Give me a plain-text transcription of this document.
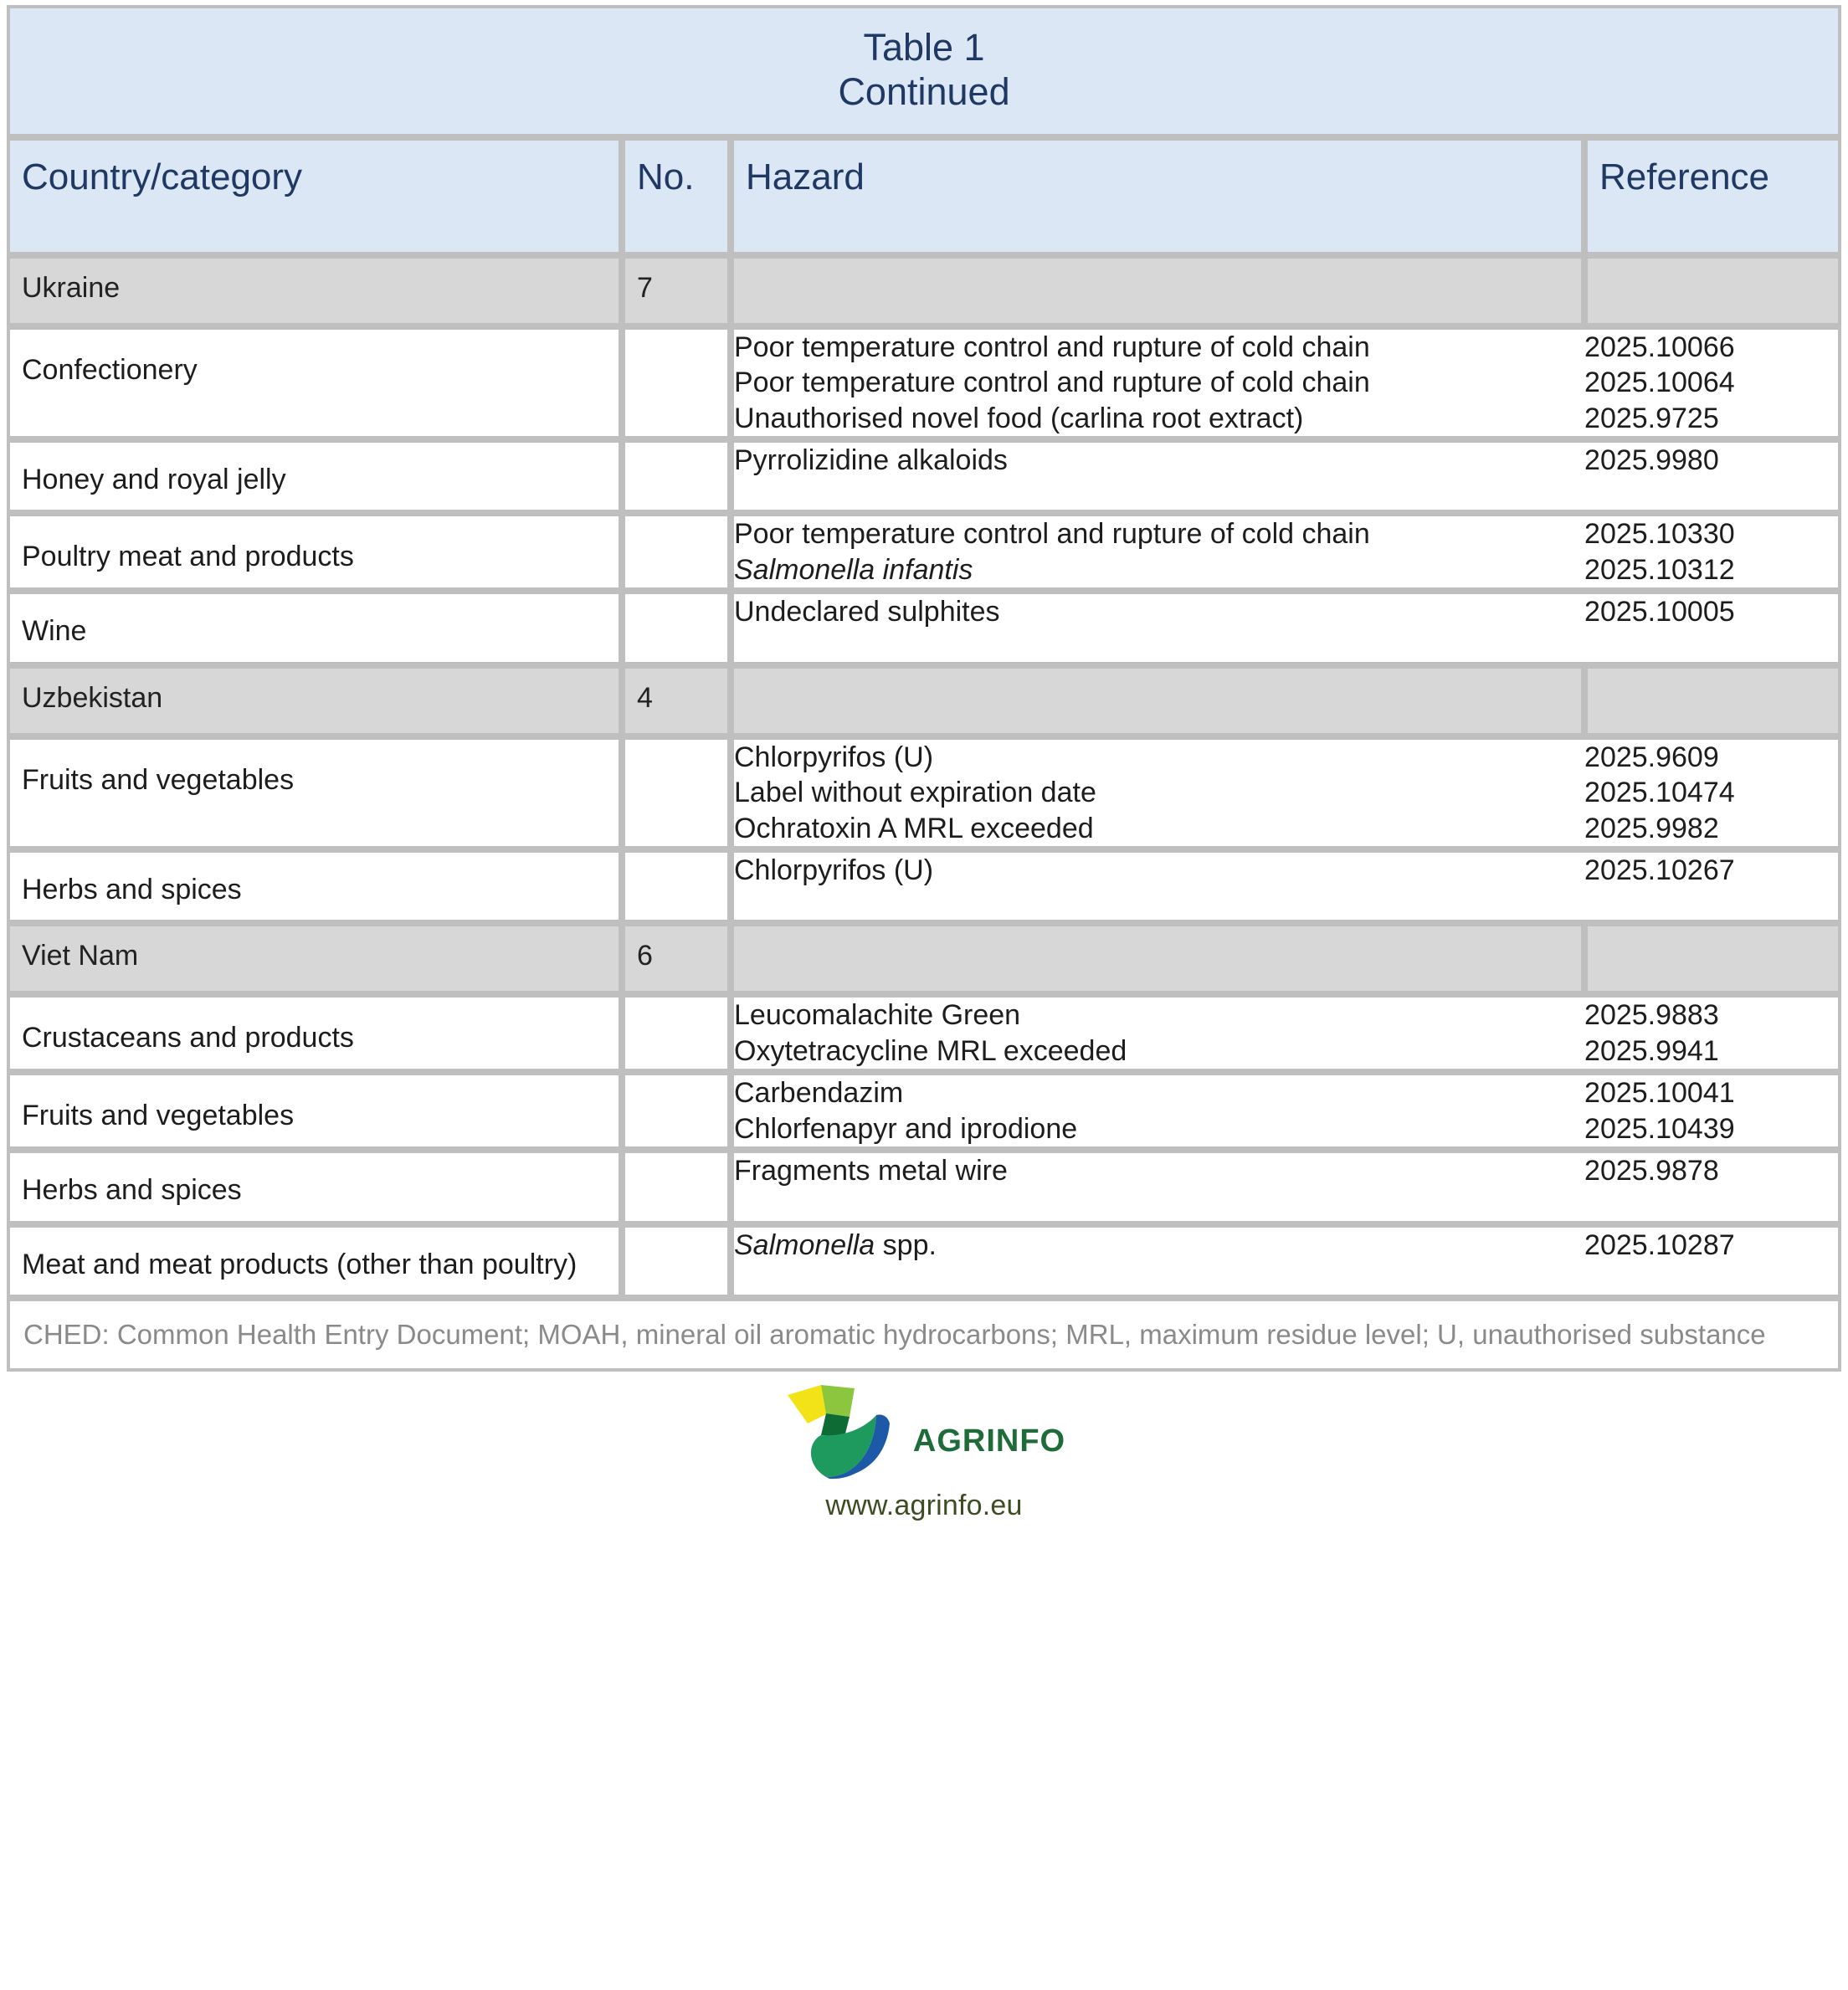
Table 1
Continued

Country/category	No.	Hazard	Reference
Ukraine	7		
Confectionery		
Poor temperature control and rupture of cold chain	2025.10066
Poor temperature control and rupture of cold chain	2025.10064
Unauthorised novel food (carlina root extract)	2025.9725

Honey and royal jelly		
Pyrrolizidine alkaloids	2025.9980

Poultry meat and products		
Poor temperature control and rupture of cold chain	2025.10330
Salmonella infantis	2025.10312

Wine		
Undeclared sulphites	2025.10005

Uzbekistan	4		
Fruits and vegetables		
Chlorpyrifos (U)	2025.9609
Label without expiration date	2025.10474
Ochratoxin A MRL exceeded	2025.9982

Herbs and spices		
Chlorpyrifos (U)	2025.10267

Viet Nam	6		
Crustaceans and products		
Leucomalachite Green	2025.9883
Oxytetracycline MRL exceeded	2025.9941

Fruits and vegetables		
Carbendazim	2025.10041
Chlorfenapyr and iprodione	2025.10439

Herbs and spices		
Fragments metal wire	2025.9878

Meat and meat products (other than poultry)		
Salmonella spp.	2025.10287

CHED: Common Health Entry Document; MOAH, mineral oil aromatic hydrocarbons; MRL, maximum residue level; U, unauthorised substance
AGRINFO
www.agrinfo.eu
